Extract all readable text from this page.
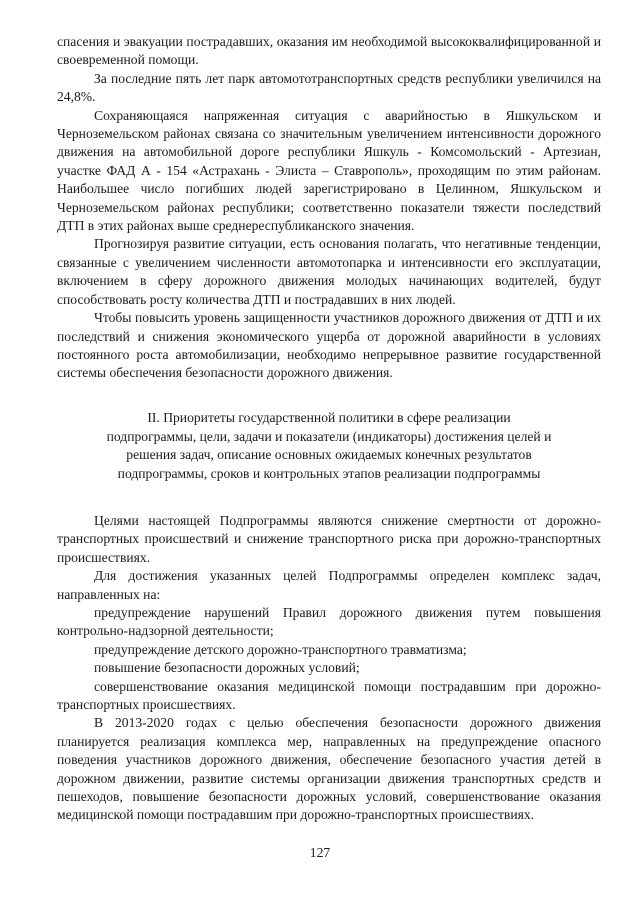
спасения и эвакуации пострадавших, оказания им необходимой высококвалифицированной и своевременной помощи.

За последние пять лет парк автомототранспортных средств республики увеличился на 24,8%.

Сохраняющаяся напряженная ситуация с аварийностью в Яшкульском и Черноземельском районах связана со значительным увеличением интенсивности дорожного движения на автомобильной дороге республики Яшкуль - Комсомольский - Артезиан, участке ФАД А - 154 «Астрахань - Элиста – Ставрополь», проходящим по этим районам. Наибольшее число погибших людей зарегистрировано в Целинном, Яшкульском и Черноземельском районах республики; соответственно показатели тяжести последствий ДТП в этих районах выше среднереспубликанского значения.

Прогнозируя развитие ситуации, есть основания полагать, что негативные тенденции, связанные с увеличением численности автомотопарка и интенсивности его эксплуатации, включением в сферу дорожного движения молодых начинающих водителей, будут способствовать росту количества ДТП и пострадавших в них людей.

Чтобы повысить уровень защищенности участников дорожного движения от ДТП и их последствий и снижения экономического ущерба от дорожной аварийности в условиях постоянного роста автомобилизации, необходимо непрерывное развитие государственной системы обеспечения безопасности дорожного движения.

II. Приоритеты государственной политики в сфере реализации
подпрограммы, цели, задачи и показатели (индикаторы) достижения целей и
решения задач, описание основных ожидаемых конечных результатов
подпрограммы, сроков и контрольных этапов реализации подпрограммы

Целями настоящей Подпрограммы являются снижение смертности от дорожно-транспортных происшествий и снижение транспортного риска при дорожно-транспортных происшествиях.

Для достижения указанных целей Подпрограммы определен комплекс задач, направленных на:

предупреждение нарушений Правил дорожного движения путем повышения контрольно-надзорной деятельности;

предупреждение детского дорожно-транспортного травматизма;

повышение безопасности дорожных условий;

совершенствование оказания медицинской помощи пострадавшим при дорожно-транспортных происшествиях.

В 2013-2020 годах с целью обеспечения безопасности дорожного движения планируется реализация комплекса мер, направленных на предупреждение опасного поведения участников дорожного движения, обеспечение безопасного участия детей в дорожном движении, развитие системы организации движения транспортных средств и пешеходов, повышение безопасности дорожных условий, совершенствование оказания медицинской помощи пострадавшим при дорожно-транспортных происшествиях.

127
